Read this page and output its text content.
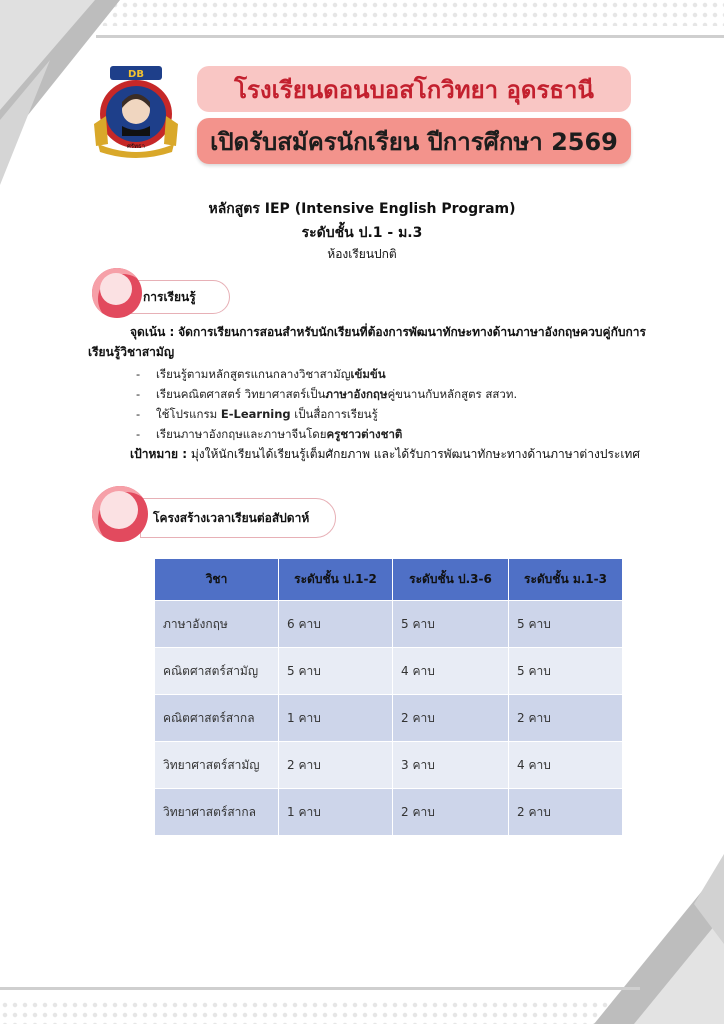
DB
ศรัทธา
โรงเรียนดอนบอสโกวิทยา อุดรธานี
เปิดรับสมัครนักเรียน ปีการศึกษา 2569
หลักสูตร IEP (Intensive English Program)
ระดับชั้น ป.1 - ม.3
ห้องเรียนปกติ
การเรียนรู้
จุดเน้น : จัดการเรียนการสอนสำหรับนักเรียนที่ต้องการพัฒนาทักษะทางด้านภาษาอังกฤษควบคู่กับการ
เรียนรู้วิชาสามัญ
- เรียนรู้ตามหลักสูตรแกนกลางวิชาสามัญเข้มข้น
- เรียนคณิตศาสตร์ วิทยาศาสตร์เป็นภาษาอังกฤษคู่ขนานกับหลักสูตร สสวท.
- ใช้โปรแกรม E-Learning เป็นสื่อการเรียนรู้
- เรียนภาษาอังกฤษและภาษาจีนโดยครูชาวต่างชาติ
เป้าหมาย : มุ่งให้นักเรียนได้เรียนรู้เต็มศักยภาพ และได้รับการพัฒนาทักษะทางด้านภาษาต่างประเทศ
โครงสร้างเวลาเรียนต่อสัปดาห์
วิชา	ระดับชั้น ป.1-2	ระดับชั้น ป.3-6	ระดับชั้น ม.1-3
ภาษาอังกฤษ	6 คาบ	5 คาบ	5 คาบ
คณิตศาสตร์สามัญ	5 คาบ	4 คาบ	5 คาบ
คณิตศาสตร์สากล	1 คาบ	2 คาบ	2 คาบ
วิทยาศาสตร์สามัญ	2 คาบ	3 คาบ	4 คาบ
วิทยาศาสตร์สากล	1 คาบ	2 คาบ	2 คาบ
